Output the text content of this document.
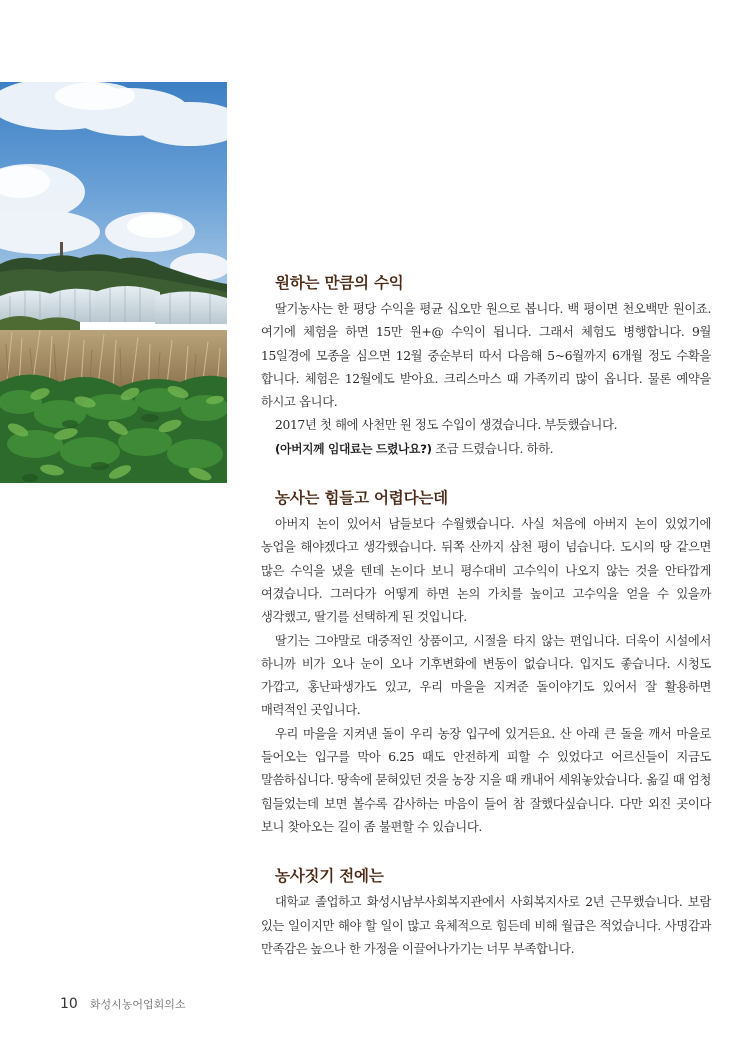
원하는 만큼의 수익

딸기농사는 한 평당 수익을 평균 십오만 원으로 봅니다. 백 평이면 천오백만 원이죠. 여기에 체험을 하면 15만 원+@ 수익이 됩니다. 그래서 체험도 병행합니다. 9월 15일경에 모종을 심으면 12월 중순부터 따서 다음해 5~6월까지 6개월 정도 수확을 합니다. 체험은 12월에도 받아요. 크리스마스 때 가족끼리 많이 옵니다. 물론 예약을 하시고 옵니다.

2017년 첫 해에 사천만 원 정도 수입이 생겼습니다. 부듯했습니다.

(아버지께 임대료는 드렸나요?) 조금 드렸습니다. 하하.

농사는 힘들고 어렵다는데

아버지 논이 있어서 남들보다 수월했습니다. 사실 처음에 아버지 논이 있었기에 농업을 해야겠다고 생각했습니다. 뒤쪽 산까지 삼천 평이 넘습니다. 도시의 땅 같으면 많은 수익을 냈을 텐데 논이다 보니 평수대비 고수익이 나오지 않는 것을 안타깝게 여겼습니다. 그러다가 어떻게 하면 논의 가치를 높이고 고수익을 얻을 수 있을까 생각했고, 딸기를 선택하게 된 것입니다.

딸기는 그야말로 대중적인 상품이고, 시절을 타지 않는 편입니다. 더욱이 시설에서 하니까 비가 오나 눈이 오나 기후변화에 변동이 없습니다. 입지도 좋습니다. 시청도 가깝고, 홍난파생가도 있고, 우리 마을을 지켜준 돌이야기도 있어서 잘 활용하면 매력적인 곳입니다.

우리 마을을 지켜낸 돌이 우리 농장 입구에 있거든요. 산 아래 큰 돌을 깨서 마을로 들어오는 입구를 막아 6.25 때도 안전하게 피할 수 있었다고 어르신들이 지금도 말씀하십니다. 땅속에 묻혀있던 것을 농장 지을 때 캐내어 세워놓았습니다. 옮길 때 엄청 힘들었는데 보면 볼수록 감사하는 마음이 들어 참 잘했다싶습니다. 다만 외진 곳이다 보니 찾아오는 길이 좀 불편할 수 있습니다.

농사짓기 전에는

대학교 졸업하고 화성시남부사회복지관에서 사회복지사로 2년 근무했습니다. 보람 있는 일이지만 해야 할 일이 많고 육체적으로 힘든데 비해 월급은 적었습니다. 사명감과 만족감은 높으나 한 가정을 이끌어나가기는 너무 부족합니다.

10 화성시농어업회의소
